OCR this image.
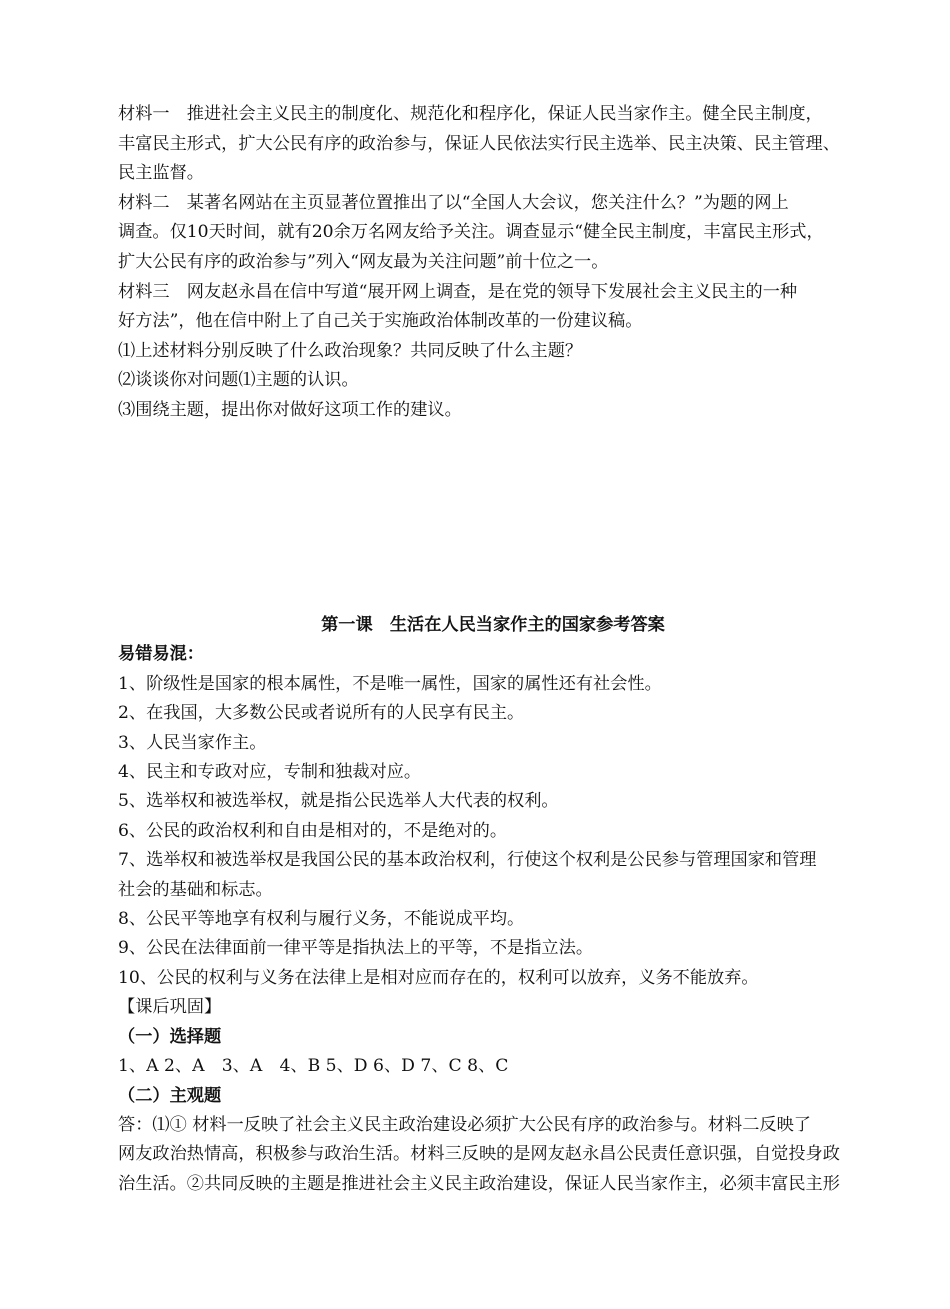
材料一　推进社会主义民主的制度化、规范化和程序化，保证人民当家作主。健全民主制度，
丰富民主形式，扩大公民有序的政治参与，保证人民依法实行民主选举、民主决策、民主管理、
民主监督。

材料二　某著名网站在主页显著位置推出了以“全国人大会议，您关注什么？”为题的网上
调查。仅10天时间，就有20余万名网友给予关注。调查显示“健全民主制度，丰富民主形式，
扩大公民有序的政治参与”列入“网友最为关注问题”前十位之一。

材料三　网友赵永昌在信中写道“展开网上调查，是在党的领导下发展社会主义民主的一种
好方法”，他在信中附上了自己关于实施政治体制改革的一份建议稿。

⑴上述材料分别反映了什么政治现象？共同反映了什么主题？

⑵谈谈你对问题⑴主题的认识。

⑶围绕主题，提出你对做好这项工作的建议。

第一课　生活在人民当家作主的国家参考答案

易错易混：

1、阶级性是国家的根本属性，不是唯一属性，国家的属性还有社会性。

2、在我国，大多数公民或者说所有的人民享有民主。

3、人民当家作主。

4、民主和专政对应，专制和独裁对应。

5、选举权和被选举权，就是指公民选举人大代表的权利。

6、公民的政治权利和自由是相对的，不是绝对的。

7、选举权和被选举权是我国公民的基本政治权利，行使这个权利是公民参与管理国家和管理
社会的基础和标志。

8、公民平等地享有权利与履行义务，不能说成平均。

9、公民在法律面前一律平等是指执法上的平等，不是指立法。

10、公民的权利与义务在法律上是相对应而存在的，权利可以放弃，义务不能放弃。

【课后巩固】

（一）选择题

1、A 2、A　3、A　4、B 5、D 6、D 7、C 8、C

（二）主观题

答：⑴① 材料一反映了社会主义民主政治建设必须扩大公民有序的政治参与。材料二反映了
网友政治热情高，积极参与政治生活。材料三反映的是网友赵永昌公民责任意识强，自觉投身政
治生活。②共同反映的主题是推进社会主义民主政治建设，保证人民当家作主，必须丰富民主形
